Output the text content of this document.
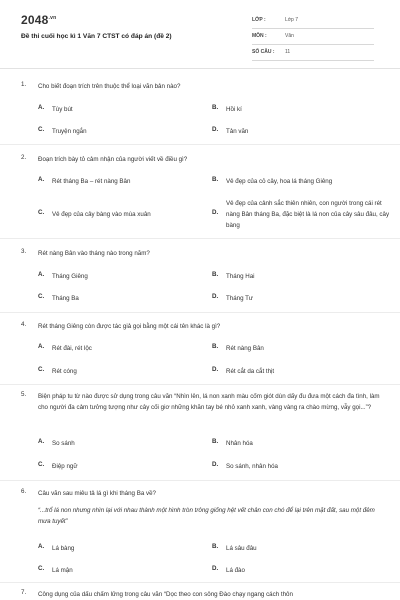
$2048^{.vn}$
Đề thi cuối học kì 1 Văn 7 CTST có đáp án (đề 2)
LỚP :	Lớp 7
MÔN :	Văn
SỐ CÂU : 11
1. Cho biết đoạn trích trên thuộc thể loại văn bản nào?
A. Tùy bút	B. Hồi kí
C. Truyện ngắn	D. Tản văn
2. Đoạn trích bày tỏ cảm nhận của người viết về điều gì?
A. Rét tháng Ba – rét nàng Bân	B. Vẻ đẹp của cỏ cây, hoa lá tháng Giêng
C. Vẻ đẹp của cây bàng vào mùa xuân	D.
Vẻ đẹp của cảnh sắc thiên nhiên, con người trong cái rét nàng Bân tháng Ba, đặc biệt là lá non của cây sâu đâu, cây bàng
3. Rét nàng Bân vào tháng nào trong năm?
A. Tháng Giêng	B. Tháng Hai
C. Tháng Ba	D. Tháng Tư
4. Rét tháng Giêng còn được tác giả gọi bằng một cái tên khác là gì?
A. Rét đài, rét lộc	B. Rét nàng Bân
C. Rét cóng	D. Rét cắt da cắt thịt
5. Biện pháp tu từ nào được sử dụng trong câu văn “Nhìn lên, lá non xanh màu cốm giót dùn dấy đu đưa một cách đa tình, làm cho người đa cảm tưởng tượng như cây cối giơ những khăn tay bé nhỏ xanh xanh, vàng vàng ra chào mừng, vẫy gọi...”?
A. So sánh	B. Nhân hóa
C. Điệp ngữ	D. So sánh, nhân hóa
6. Câu văn sau miêu tả lá gì khi tháng Ba về?
“...trổ lá non nhưng nhìn lại với nhau thành một hình tròn trông giống hệt vết chân con chó để lại trên mặt đất, sau một đêm mưa tuyết”
A. Lá bàng	B. Lá sâu đâu
C. Lá mận	D. Lá đào
7. Công dụng của dấu chấm lửng trong câu văn “Dọc theo con sông Đào chạy ngang cách thôn
